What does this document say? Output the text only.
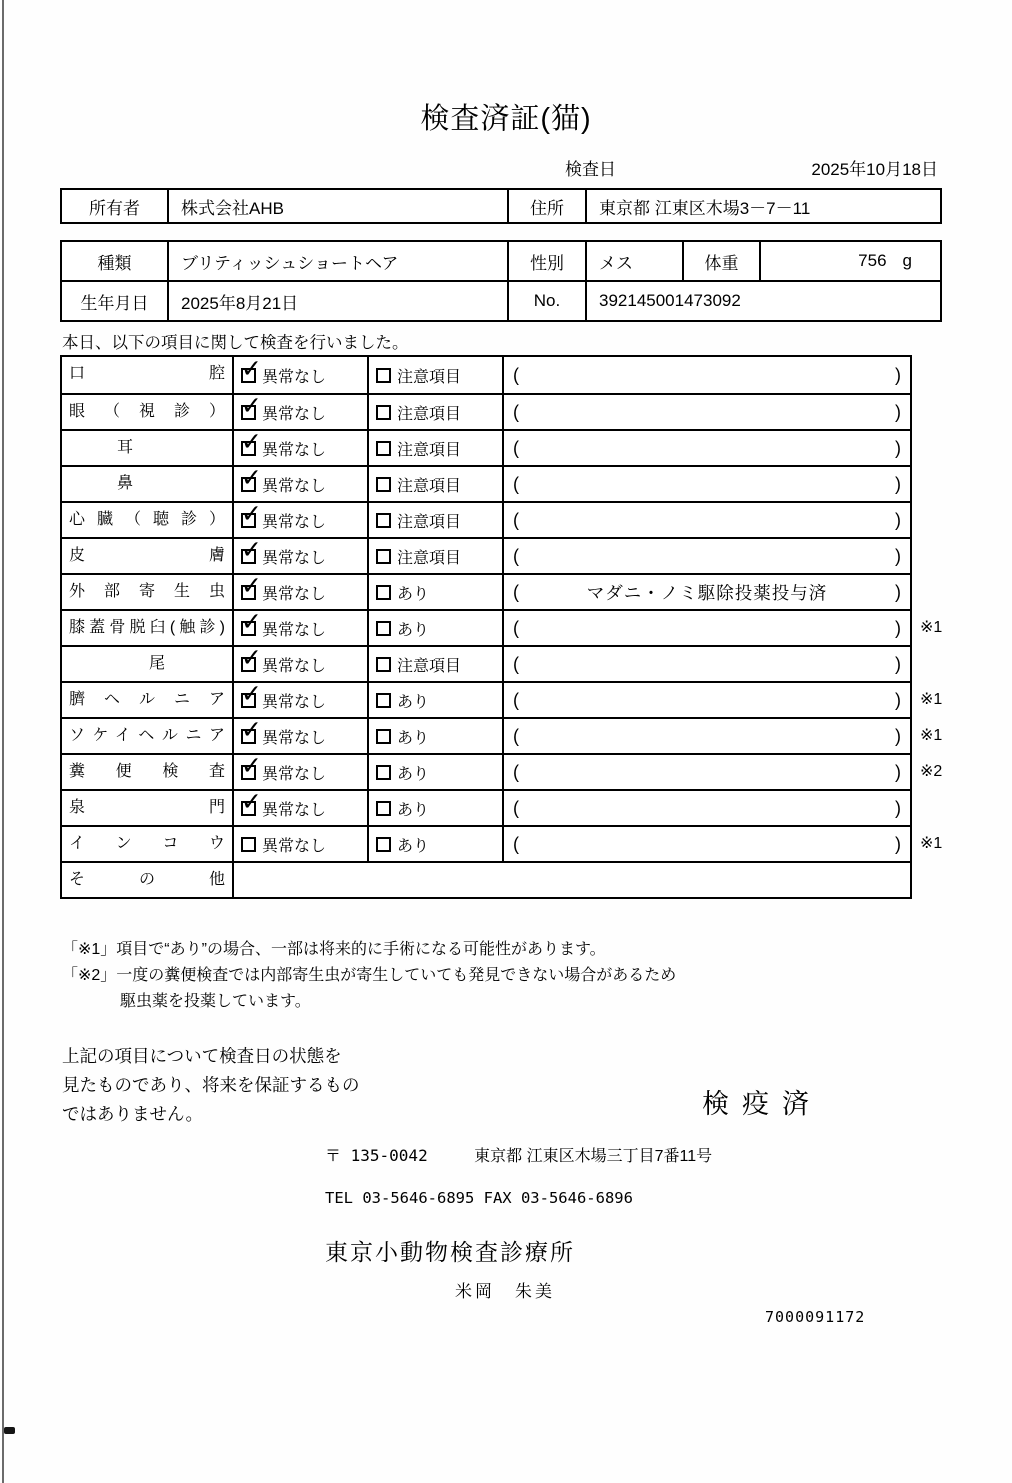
検査済証(猫)
検査日	2025年10月18日
所有者	株式会社AHB	住所	東京都 江東区木場3－7－11
種類	ブリティッシュショートヘア	性別	メス	体重	756 g
生年月日	2025年8月21日	No.	392145001473092
本日、以下の項目に関して検査を行いました。
口腔 ✓	異常なし	注意項目	(	)
眼（視診） ✓	異常なし	注意項目	(	)
　　　耳 ✓	異常なし	注意項目	(	)
　　　鼻 ✓	異常なし	注意項目	(	)
心臓（聴診） ✓	異常なし	注意項目	(	)
皮膚 ✓	異常なし	注意項目	(	)
外部寄生虫 ✓	異常なし	あり	(	マダニ・ノミ駆除投薬投与済	)
膝蓋骨脱臼(触診) ✓	異常なし	あり	(	) ※1
　　　　　尾 ✓	異常なし	注意項目	(	)
臍ヘルニア ✓	異常なし	あり	(	) ※1
ソケイヘルニア ✓	異常なし	あり	(	) ※1
糞便検査 ✓	異常なし	あり	(	) ※2
泉門 ✓	異常なし	あり	(	)
インコウ	異常なし	あり	(	) ※1
その他
「※1」項目で“あり”の場合、一部は将来的に手術になる可能性があります。
「※2」一度の糞便検査では内部寄生虫が寄生していても発見できない場合があるため
駆虫薬を投薬しています。
上記の項目について検査日の状態を
見たものであり、将来を保証するもの
ではありません。	検疫済
〒 135-0042	東京都 江東区木場三丁目7番11号
TEL 03-5646-6895 FAX 03-5646-6896
東京小動物検査診療所
米岡　朱美
7000091172
